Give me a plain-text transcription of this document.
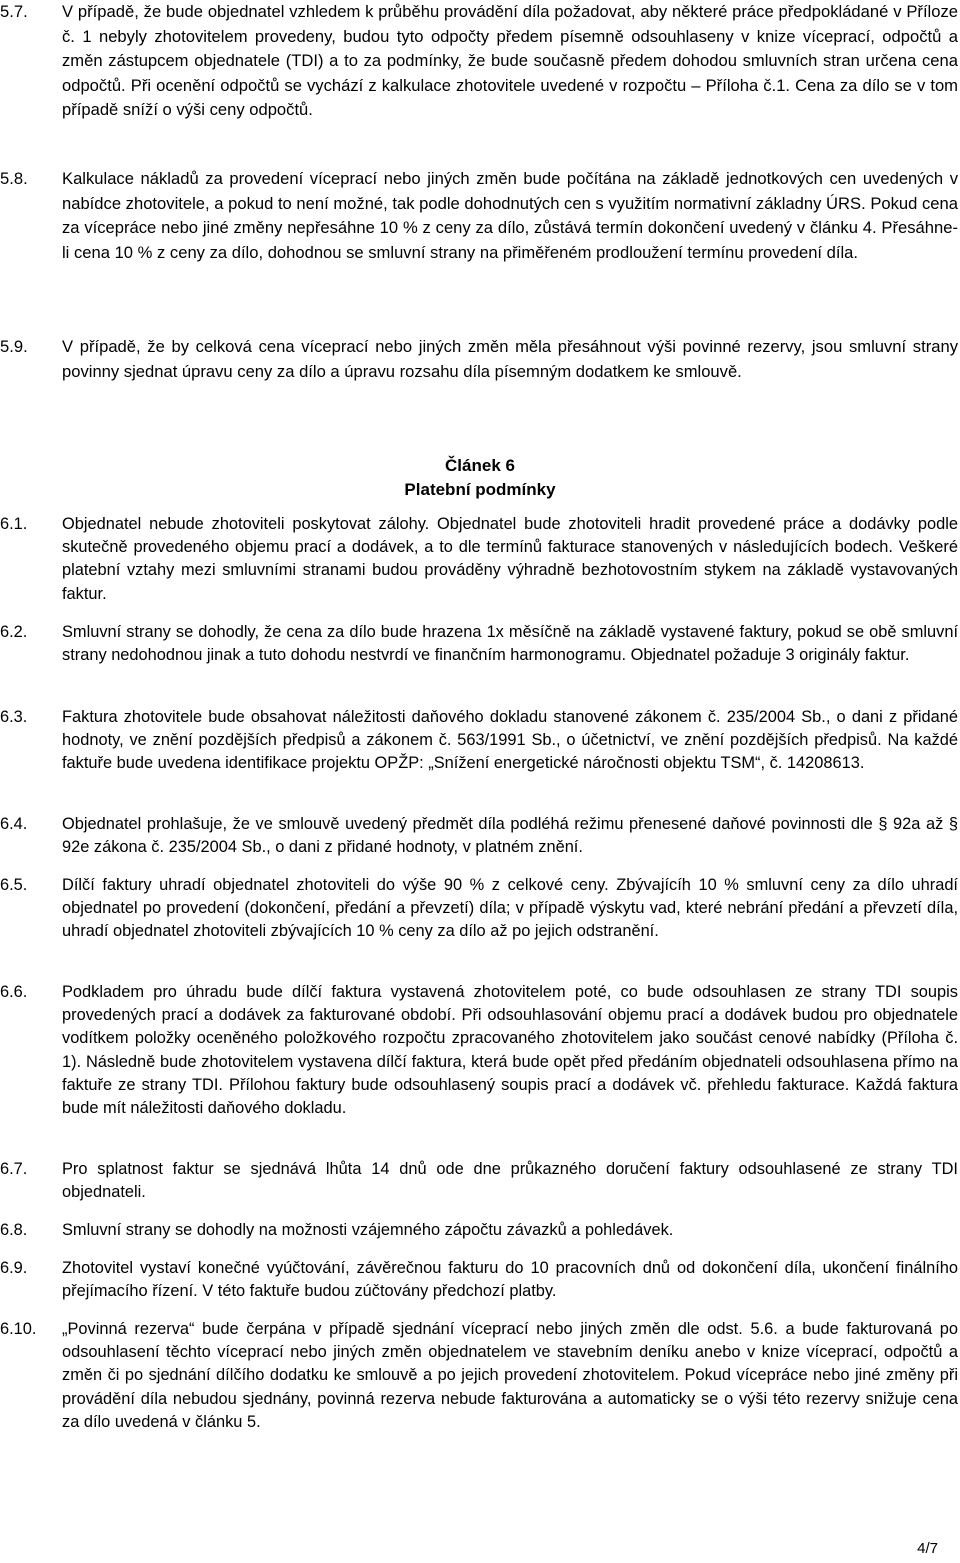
5.7. V případě, že bude objednatel vzhledem k průběhu provádění díla požadovat, aby některé práce předpokládané v Příloze č. 1 nebyly zhotovitelem provedeny, budou tyto odpočty předem písemně odsouhlaseny v knize víceprací, odpočtů a změn zástupcem objednatele (TDI) a to za podmínky, že bude současně předem dohodou smluvních stran určena cena odpočtů. Při ocenění odpočtů se vychází z kalkulace zhotovitele uvedené v rozpočtu – Příloha č.1. Cena za dílo se v tom případě sníží o výši ceny odpočtů.
5.8. Kalkulace nákladů za provedení víceprací nebo jiných změn bude počítána na základě jednotkových cen uvedených v nabídce zhotovitele, a pokud to není možné, tak podle dohodnutých cen s využitím normativní základny ÚRS. Pokud cena za vícepráce nebo jiné změny nepřesáhne 10 % z ceny za dílo, zůstává termín dokončení uvedený v článku 4. Přesáhne-li cena 10 % z ceny za dílo, dohodnou se smluvní strany na přiměřeném prodloužení termínu provedení díla.
5.9. V případě, že by celková cena víceprací nebo jiných změn měla přesáhnout výši povinné rezervy, jsou smluvní strany povinny sjednat úpravu ceny za dílo a úpravu rozsahu díla písemným dodatkem ke smlouvě.
Článek 6
Platební podmínky
6.1. Objednatel nebude zhotoviteli poskytovat zálohy. Objednatel bude zhotoviteli hradit provedené práce a dodávky podle skutečně provedeného objemu prací a dodávek, a to dle termínů fakturace stanovených v následujících bodech. Veškeré platební vztahy mezi smluvními stranami budou prováděny výhradně bezhotovostním stykem na základě vystavovaných faktur.
6.2. Smluvní strany se dohodly, že cena za dílo bude hrazena 1x měsíčně na základě vystavené faktury, pokud se obě smluvní strany nedohodnou jinak a tuto dohodu nestvrdí ve finančním harmonogramu. Objednatel požaduje 3 originály faktur.
6.3. Faktura zhotovitele bude obsahovat náležitosti daňového dokladu stanovené zákonem č. 235/2004 Sb., o dani z přidané hodnoty, ve znění pozdějších předpisů a zákonem č. 563/1991 Sb., o účetnictví, ve znění pozdějších předpisů. Na každé faktuře bude uvedena identifikace projektu OPŽP: „Snížení energetické náročnosti objektu TSM“, č. 14208613.
6.4. Objednatel prohlašuje, že ve smlouvě uvedený předmět díla podléhá režimu přenesené daňové povinnosti dle § 92a až § 92e zákona č. 235/2004 Sb., o dani z přidané hodnoty, v platném znění.
6.5. Dílčí faktury uhradí objednatel zhotoviteli do výše 90 % z celkové ceny. Zbývajícíh 10 % smluvní ceny za dílo uhradí objednatel po provedení (dokončení, předání a převzetí) díla; v případě výskytu vad, které nebrání předání a převzetí díla, uhradí objednatel zhotoviteli zbývajících 10 % ceny za dílo až po jejich odstranění.
6.6. Podkladem pro úhradu bude dílčí faktura vystavená zhotovitelem poté, co bude odsouhlasen ze strany TDI soupis provedených prací a dodávek za fakturované období. Při odsouhlasování objemu prací a dodávek budou pro objednatele vodítkem položky oceněného položkového rozpočtu zpracovaného zhotovitelem jako součást cenové nabídky (Příloha č. 1). Následně bude zhotovitelem vystavena dílčí faktura, která bude opět před předáním objednateli odsouhlasena přímo na faktuře ze strany TDI. Přílohou faktury bude odsouhlasený soupis prací a dodávek vč. přehledu fakturace. Každá faktura bude mít náležitosti daňového dokladu.
6.7. Pro splatnost faktur se sjednává lhůta 14 dnů ode dne průkazného doručení faktury odsouhlasené ze strany TDI objednateli.
6.8. Smluvní strany se dohodly na možnosti vzájemného zápočtu závazků a pohledávek.
6.9. Zhotovitel vystaví konečné vyúčtování, závěrečnou fakturu do 10 pracovních dnů od dokončení díla, ukončení finálního přejímacího řízení. V této faktuře budou zúčtovány předchozí platby.
6.10. „Povinná rezerva“ bude čerpána v případě sjednání víceprací nebo jiných změn dle odst. 5.6. a bude fakturovaná po odsouhlasení těchto víceprací nebo jiných změn objednatelem ve stavebním deníku anebo v knize víceprací, odpočtů a změn či po sjednání dílčího dodatku ke smlouvě a po jejich provedení zhotovitelem. Pokud vícepráce nebo jiné změny při provádění díla nebudou sjednány, povinná rezerva nebude fakturována a automaticky se o výši této rezervy snižuje cena za dílo uvedená v článku 5.
4/7
